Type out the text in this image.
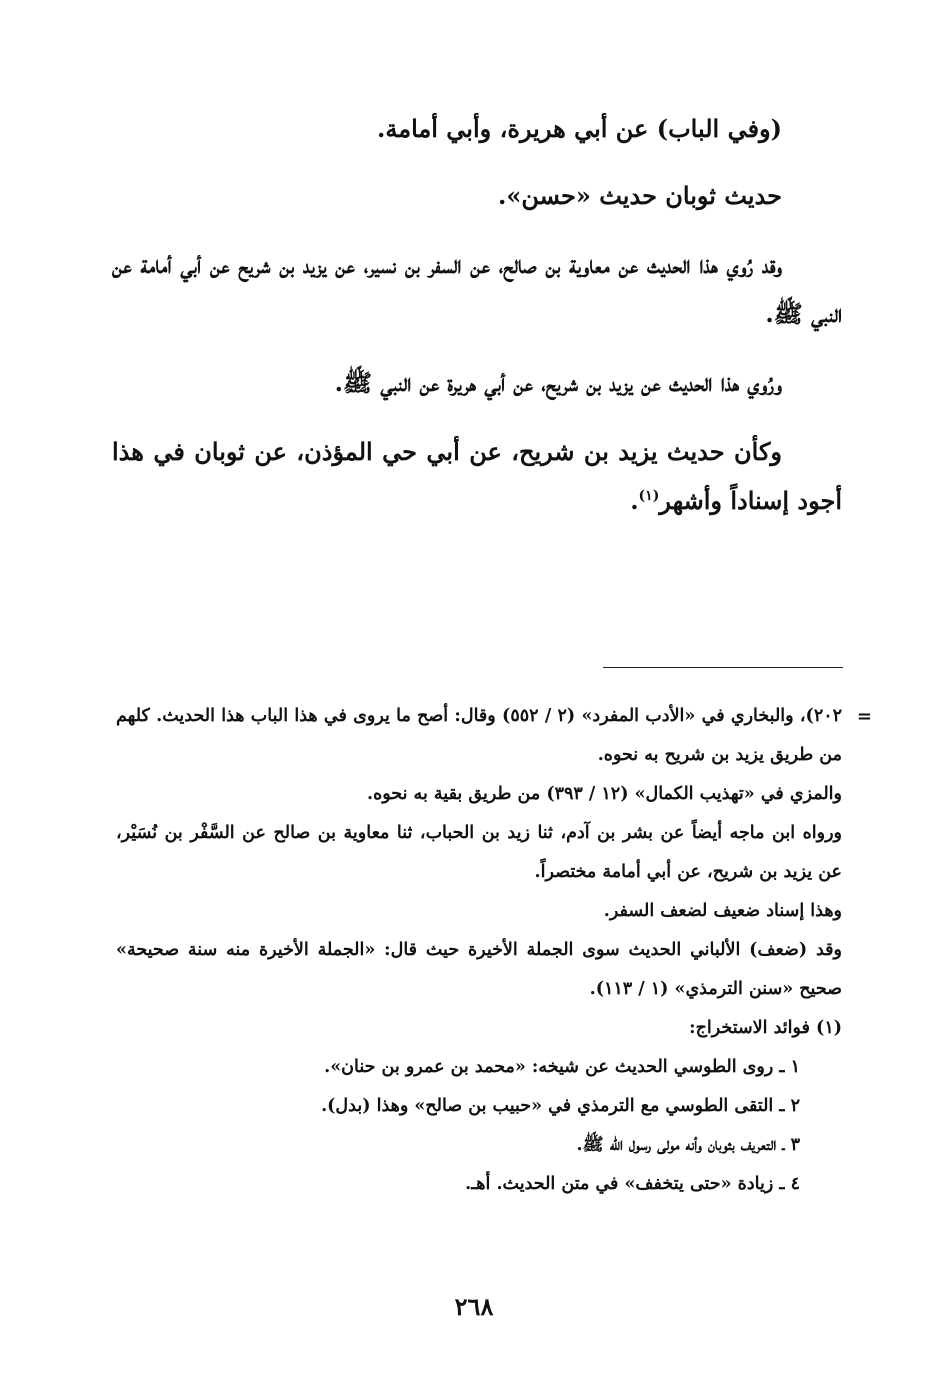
(وفي الباب) عن أبي هريرة، وأبي أمامة.

حديث ثوبان حديث «حسن».

وقد رُوي هذا الحديث عن معاوية بن صالح، عن السفر بن نسير، عن يزيد بن شريح عن أبي أمامة عن النبي ﷺ.

ورُوي هذا الحديث عن يزيد بن شريح، عن أبي هريرة عن النبي ﷺ.

وكأن حديث يزيد بن شريح، عن أبي حي المؤذن، عن ثوبان في هذا أجود إسناداً وأشهر$^{(١)}$.

=

٢٠٢)، والبخاري في «الأدب المفرد» (٢ / ٥٥٢) وقال: أصح ما يروى في هذا الباب هذا الحديث. كلهم من طريق يزيد بن شريح به نحوه.

والمزي في «تهذيب الكمال» (١٢ / ٣٩٣) من طريق بقية به نحوه.

ورواه ابن ماجه أيضاً عن بشر بن آدم، ثنا زيد بن الحباب، ثنا معاوية بن صالح عن السَّفْر بن نُسَيْر، عن يزيد بن شريح، عن أبي أمامة مختصراً.

وهذا إسناد ضعيف لضعف السفر.

وقد (ضعف) الألباني الحديث سوى الجملة الأخيرة حيث قال: «الجملة الأخيرة منه سنة صحيحة» صحيح «سنن الترمذي» (١ / ١١٣).

(١) فوائد الاستخراج:

١ ـ روى الطوسي الحديث عن شيخه: «محمد بن عمرو بن حنان».
٢ ـ التقى الطوسي مع الترمذي في «حبيب بن صالح» وهذا (بدل).
٣ ـ التعريف بثوبان وأنه مولى رسول الله ﷺ.
٤ ـ زيادة «حتى يتخفف» في متن الحديث. أهـ.
٢٦٨
